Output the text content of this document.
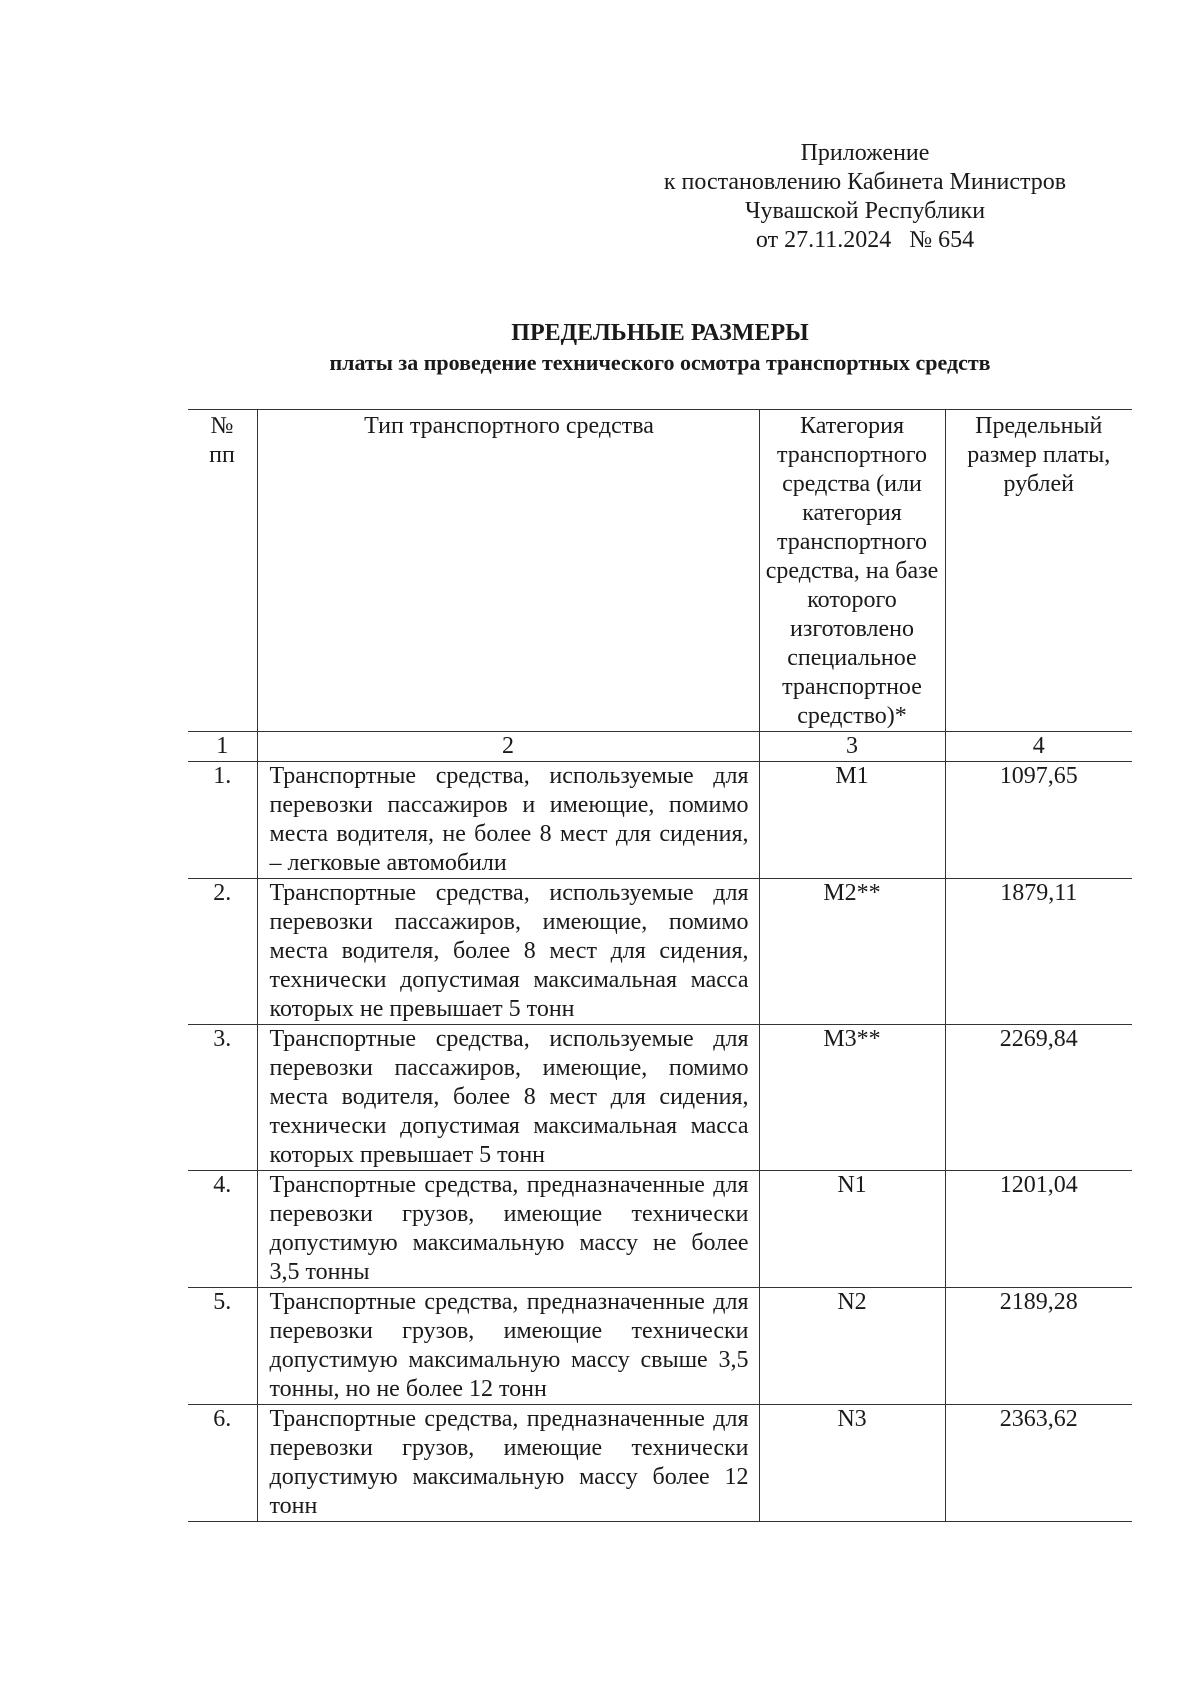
Приложение
к постановлению Кабинета Министров
Чувашской Республики
от 27.11.2024   № 654
ПРЕДЕЛЬНЫЕ РАЗМЕРЫ
платы за проведение технического осмотра транспортных средств
№ пп	Тип транспортного средства	Категория транспортного средства (или категория транспортного средства, на базе которого изготовлено специальное транспортное средство)*	Предельный размер платы, рублей
1	2	3	4
1.	Транспортные средства, используемые для перевозки пассажиров и имеющие, помимо места водителя, не более 8 мест для сидения, – легковые автомобили	M1	1097,65
2.	Транспортные средства, используемые для перевозки пассажиров, имеющие, помимо места водителя, более 8 мест для сидения, технически допустимая максимальная масса которых не превышает 5 тонн	M2**	1879,11
3.	Транспортные средства, используемые для перевозки пассажиров, имеющие, помимо места водителя, более 8 мест для сидения, технически допустимая максимальная масса которых превышает 5 тонн	M3**	2269,84
4.	Транспортные средства, предназначенные для перевозки грузов, имеющие технически допустимую максимальную массу не более 3,5 тонны	N1	1201,04
5.	Транспортные средства, предназначенные для перевозки грузов, имеющие технически допустимую максимальную массу свыше 3,5 тонны, но не более 12 тонн	N2	2189,28
6.	Транспортные средства, предназначенные для перевозки грузов, имеющие технически допустимую максимальную массу более 12 тонн	N3	2363,62
